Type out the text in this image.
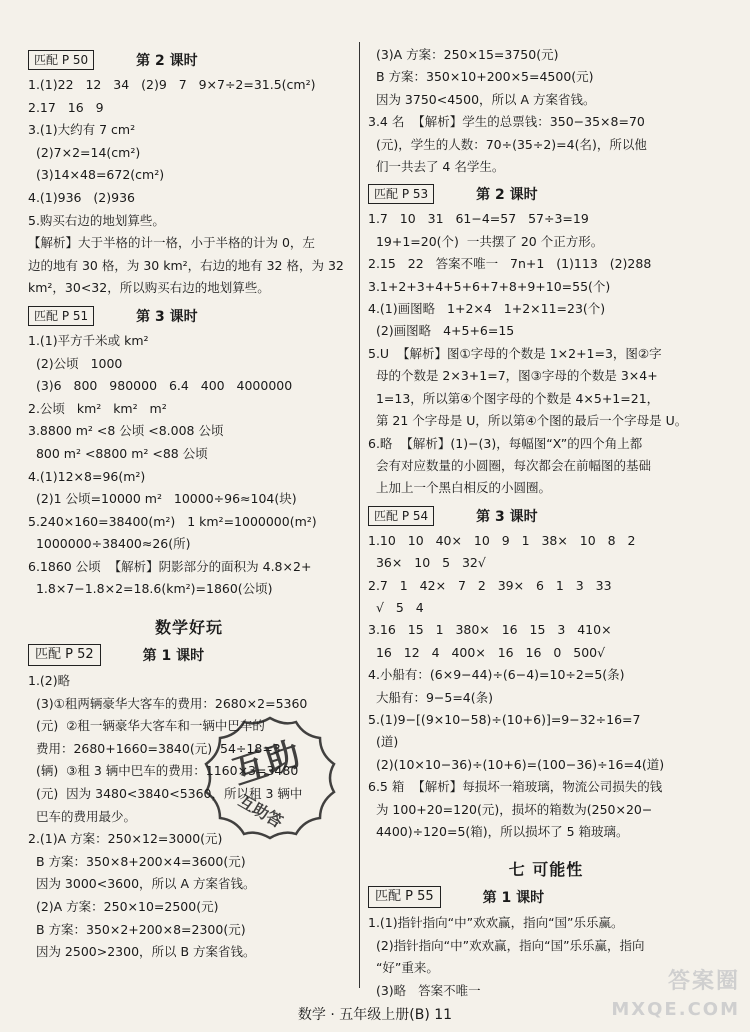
匹配 P 50	第 2 课时
1.(1)22   12   34   (2)9   7   9×7÷2=31.5(cm²)
2.17   16   9
3.(1)大约有 7 cm²
(2)7×2=14(cm²)
(3)14×48=672(cm²)
4.(1)936   (2)936
5.购买右边的地划算些。
【解析】大于半格的计一格，小于半格的计为 0，左
边的地有 30 格，为 30 km²，右边的地有 32 格，为 32
km²，30<32，所以购买右边的地划算些。
匹配 P 51	第 3 课时
1.(1)平方千米或 km²
(2)公顷   1000
(3)6   800   980000   6.4   400   4000000
2.公顷   km²   km²   m²
3.8800 m² <8 公顷 <8.008 公顷
800 m² <8800 m² <88 公顷
4.(1)12×8=96(m²)
(2)1 公顷=10000 m²   10000÷96≈104(块)
5.240×160=38400(m²)   1 km²=1000000(m²)
1000000÷38400≈26(所)
6.1860 公顷  【解析】阴影部分的面积为 4.8×2+
1.8×7−1.8×2=18.6(km²)=1860(公顷)
数学好玩
匹配 P 52	第 1 课时
1.(2)略
(3)①租两辆豪华大客车的费用：2680×2=5360
(元)  ②租一辆豪华大客车和一辆中巴车的
费用：2680+1660=3840(元)  54÷18=3
(辆)  ③租 3 辆中巴车的费用：1160×3=3480
(元)  因为 3480<3840<5360，所以租 3 辆中
巴车的费用最少。
2.(1)A 方案：250×12=3000(元)
B 方案：350×8+200×4=3600(元)
因为 3000<3600，所以 A 方案省钱。
(2)A 方案：250×10=2500(元)
B 方案：350×2+200×8=2300(元)
因为 2500>2300，所以 B 方案省钱。
(3)A 方案：250×15=3750(元)
B 方案：350×10+200×5=4500(元)
因为 3750<4500，所以 A 方案省钱。
3.4 名  【解析】学生的总票钱：350−35×8=70
(元)，学生的人数：70÷(35÷2)=4(名)，所以他
们一共去了 4 名学生。
匹配 P 53	第 2 课时
1.7   10   31   61−4=57   57÷3=19
19+1=20(个)  一共摆了 20 个正方形。
2.15   22   答案不唯一   7n+1   (1)113   (2)288
3.1+2+3+4+5+6+7+8+9+10=55(个)
4.(1)画图略   1+2×4   1+2×11=23(个)
(2)画图略   4+5+6=15
5.U  【解析】图①字母的个数是 1×2+1=3，图②字
母的个数是 2×3+1=7，图③字母的个数是 3×4+
1=13，所以第④个图字母的个数是 4×5+1=21，
第 21 个字母是 U，所以第④个图的最后一个字母是 U。
6.略  【解析】(1)−(3)，每幅图“X”的四个角上都
会有对应数量的小圆圈，每次都会在前幅图的基础
上加上一个黑白相反的小圆圈。
匹配 P 54	第 3 课时
1.10   10   40×   10   9   1   38×   10   8   2
36×   10   5   32√
2.7   1   42×   7   2   39×   6   1   3   33
√   5   4
3.16   15   1   380×   16   15   3   410×
16   12   4   400×   16   16   0   500√
4.小船有：(6×9−44)÷(6−4)=10÷2=5(条)
大船有：9−5=4(条)
5.(1)9−[(9×10−58)÷(10+6)]=9−32÷16=7
(道)
(2)(10×10−36)÷(10+6)=(100−36)÷16=4(道)
6.5 箱  【解析】每损坏一箱玻璃，物流公司损失的钱
为 100+20=120(元)，损坏的箱数为(250×20−
4400)÷120=5(箱)，所以损坏了 5 箱玻璃。
七 可能性
匹配 P 55	第 1 课时
1.(1)指针指向“中”欢欢赢，指向“国”乐乐赢。
(2)指针指向“中”欢欢赢，指向“国”乐乐赢，指向
“好”重来。
(3)略   答案不唯一
互助
互助答
答案圈
MXQE.COM
数学 · 五年级上册(B) 11
